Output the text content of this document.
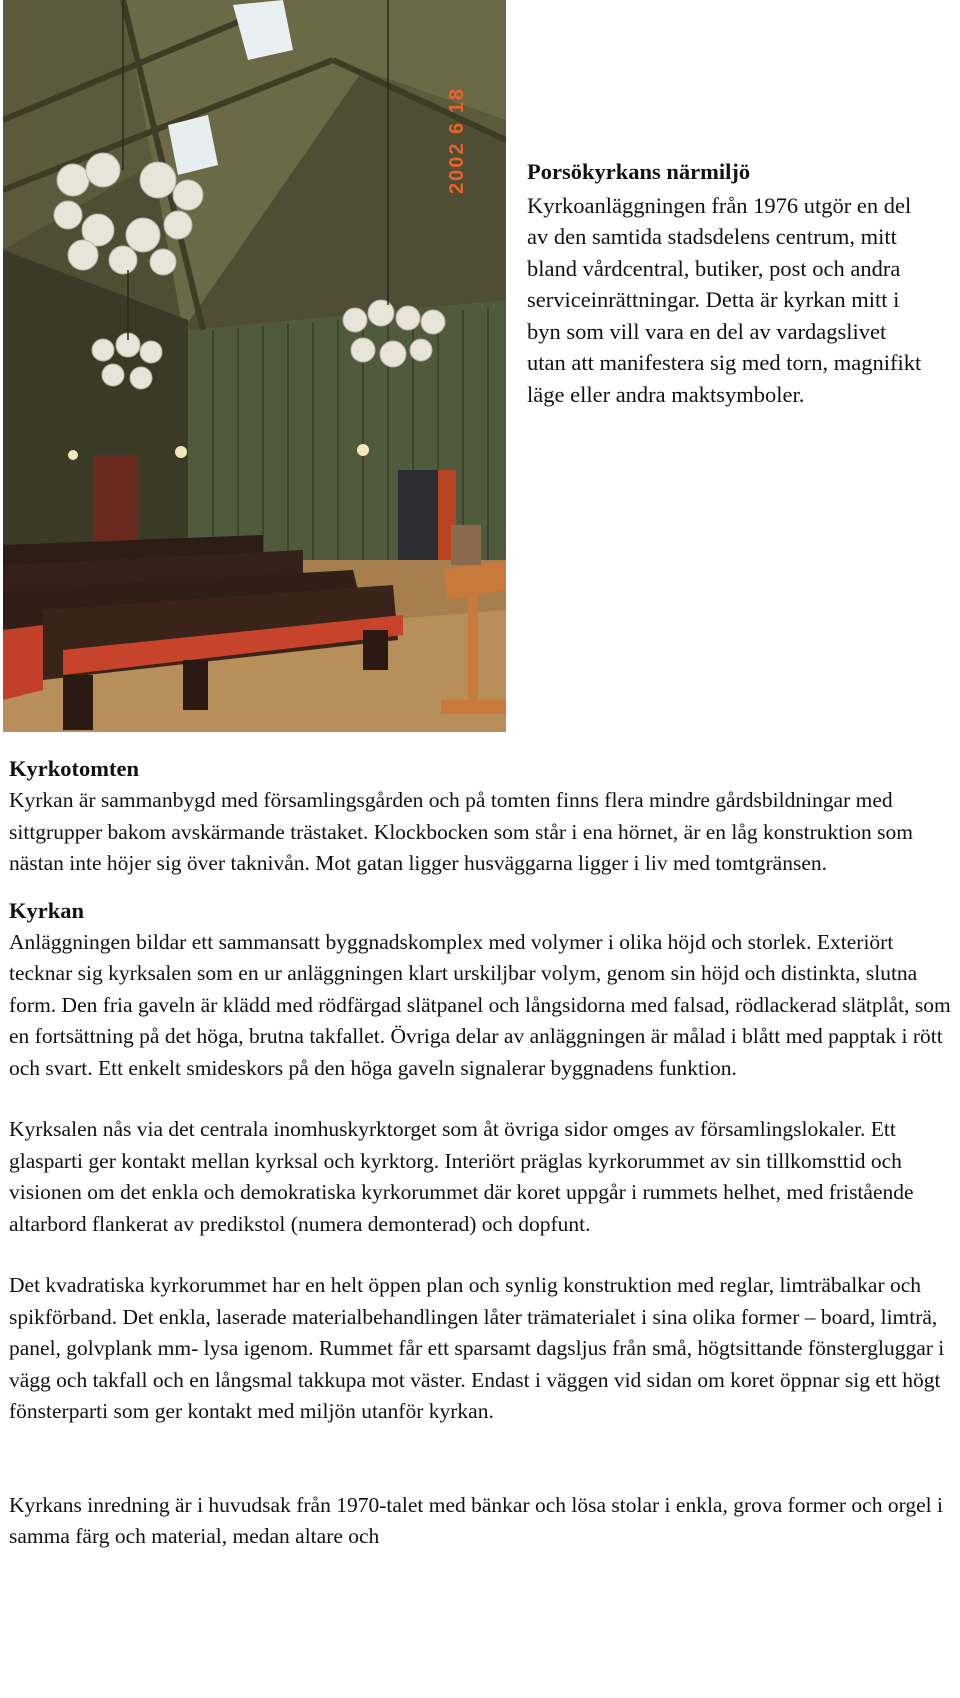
2002 6 18	Porsökyrkans närmiljö

Kyrkoanläggningen från 1976 utgör en del av den samtida stadsdelens centrum, mitt bland vårdcentral, butiker, post och andra serviceinrättningar. Detta är kyrkan mitt i byn som vill vara en del av vardagslivet utan att manifestera sig med torn, magnifikt läge eller andra maktsymboler.

Kyrkotomten

Kyrkan är sammanbygd med församlingsgården och på tomten finns flera mindre gårdsbildningar med sittgrupper bakom avskärmande trästaket. Klockbocken som står i ena hörnet, är en låg konstruktion som nästan inte höjer sig över taknivån. Mot gatan ligger husväggarna ligger i liv med tomtgränsen.

Kyrkan

Anläggningen bildar ett sammansatt byggnadskomplex med volymer i olika höjd och storlek. Exteriört tecknar sig kyrksalen som en ur anläggningen klart urskiljbar volym, genom sin höjd och distinkta, slutna form. Den fria gaveln är klädd med rödfärgad slätpanel och långsidorna med falsad, rödlackerad slätplåt, som en fortsättning på det höga, brutna takfallet. Övriga delar av anläggningen är målad i blått med papptak i rött och svart. Ett enkelt smideskors på den höga gaveln signalerar byggnadens funktion.

Kyrksalen nås via det centrala inomhuskyrktorget som åt övriga sidor omges av församlingslokaler. Ett glasparti ger kontakt mellan kyrksal och kyrktorg. Interiört präglas kyrkorummet av sin tillkomsttid och visionen om det enkla och demokratiska kyrkorummet där koret uppgår i rummets helhet, med fristående altarbord flankerat av predikstol (numera demonterad) och dopfunt.

Det kvadratiska kyrkorummet har en helt öppen plan och synlig konstruktion med reglar, limträbalkar och spikförband. Det enkla, laserade materialbehandlingen låter trämaterialet i sina olika former – board, limträ, panel, golvplank mm- lysa igenom. Rummet får ett sparsamt dagsljus från små, högtsittande fönstergluggar i vägg och takfall och en långsmal takkupa mot väster. Endast i väggen vid sidan om koret öppnar sig ett högt fönsterparti som ger kontakt med miljön utanför kyrkan.

Kyrkans inredning är i huvudsak från 1970-talet med bänkar och lösa stolar i enkla, grova former och orgel i samma färg och material, medan altare och
